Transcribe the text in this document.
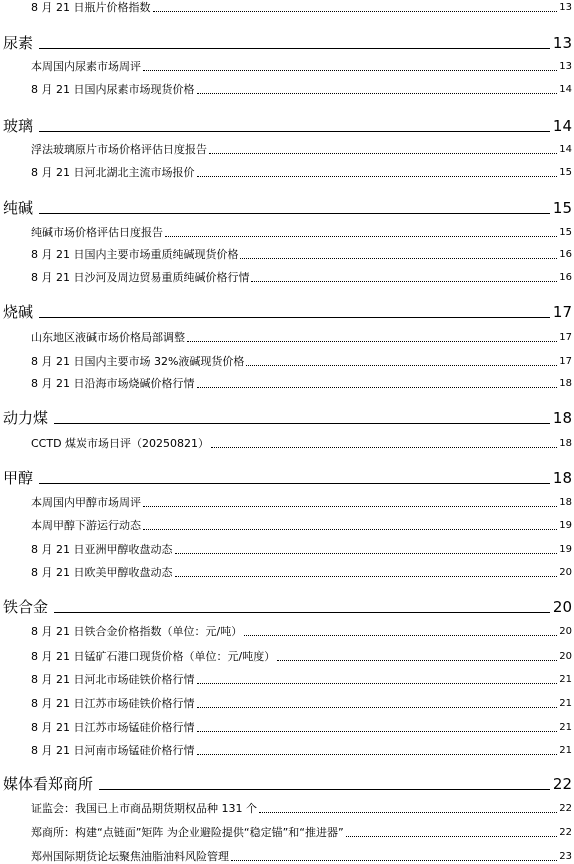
8 月 21 日瓶片价格指数	13
尿素	13
本周国内尿素市场周评	13
8 月 21 日国内尿素市场现货价格	14
玻璃	14
浮法玻璃原片市场价格评估日度报告	14
8 月 21 日河北湖北主流市场报价	15
纯碱	15
纯碱市场价格评估日度报告	15
8 月 21 日国内主要市场重质纯碱现货价格	16
8 月 21 日沙河及周边贸易重质纯碱价格行情	16
烧碱	17
山东地区液碱市场价格局部调整	17
8 月 21 日国内主要市场 32%液碱现货价格	17
8 月 21 日沿海市场烧碱价格行情	18
动力煤	18
CCTD 煤炭市场日评（20250821）	18
甲醇	18
本周国内甲醇市场周评	18
本周甲醇下游运行动态	19
8 月 21 日亚洲甲醇收盘动态	19
8 月 21 日欧美甲醇收盘动态	20
铁合金	20
8 月 21 日铁合金价格指数（单位：元/吨）	20
8 月 21 日锰矿石港口现货价格（单位：元/吨度）	20
8 月 21 日河北市场硅铁价格行情	21
8 月 21 日江苏市场硅铁价格行情	21
8 月 21 日江苏市场锰硅价格行情	21
8 月 21 日河南市场锰硅价格行情	21
媒体看郑商所	22
证监会：我国已上市商品期货期权品种 131 个	22
郑商所：构建“点链面”矩阵 为企业避险提供“稳定锚”和“推进器”	22
郑州国际期货论坛聚焦油脂油料风险管理	23
